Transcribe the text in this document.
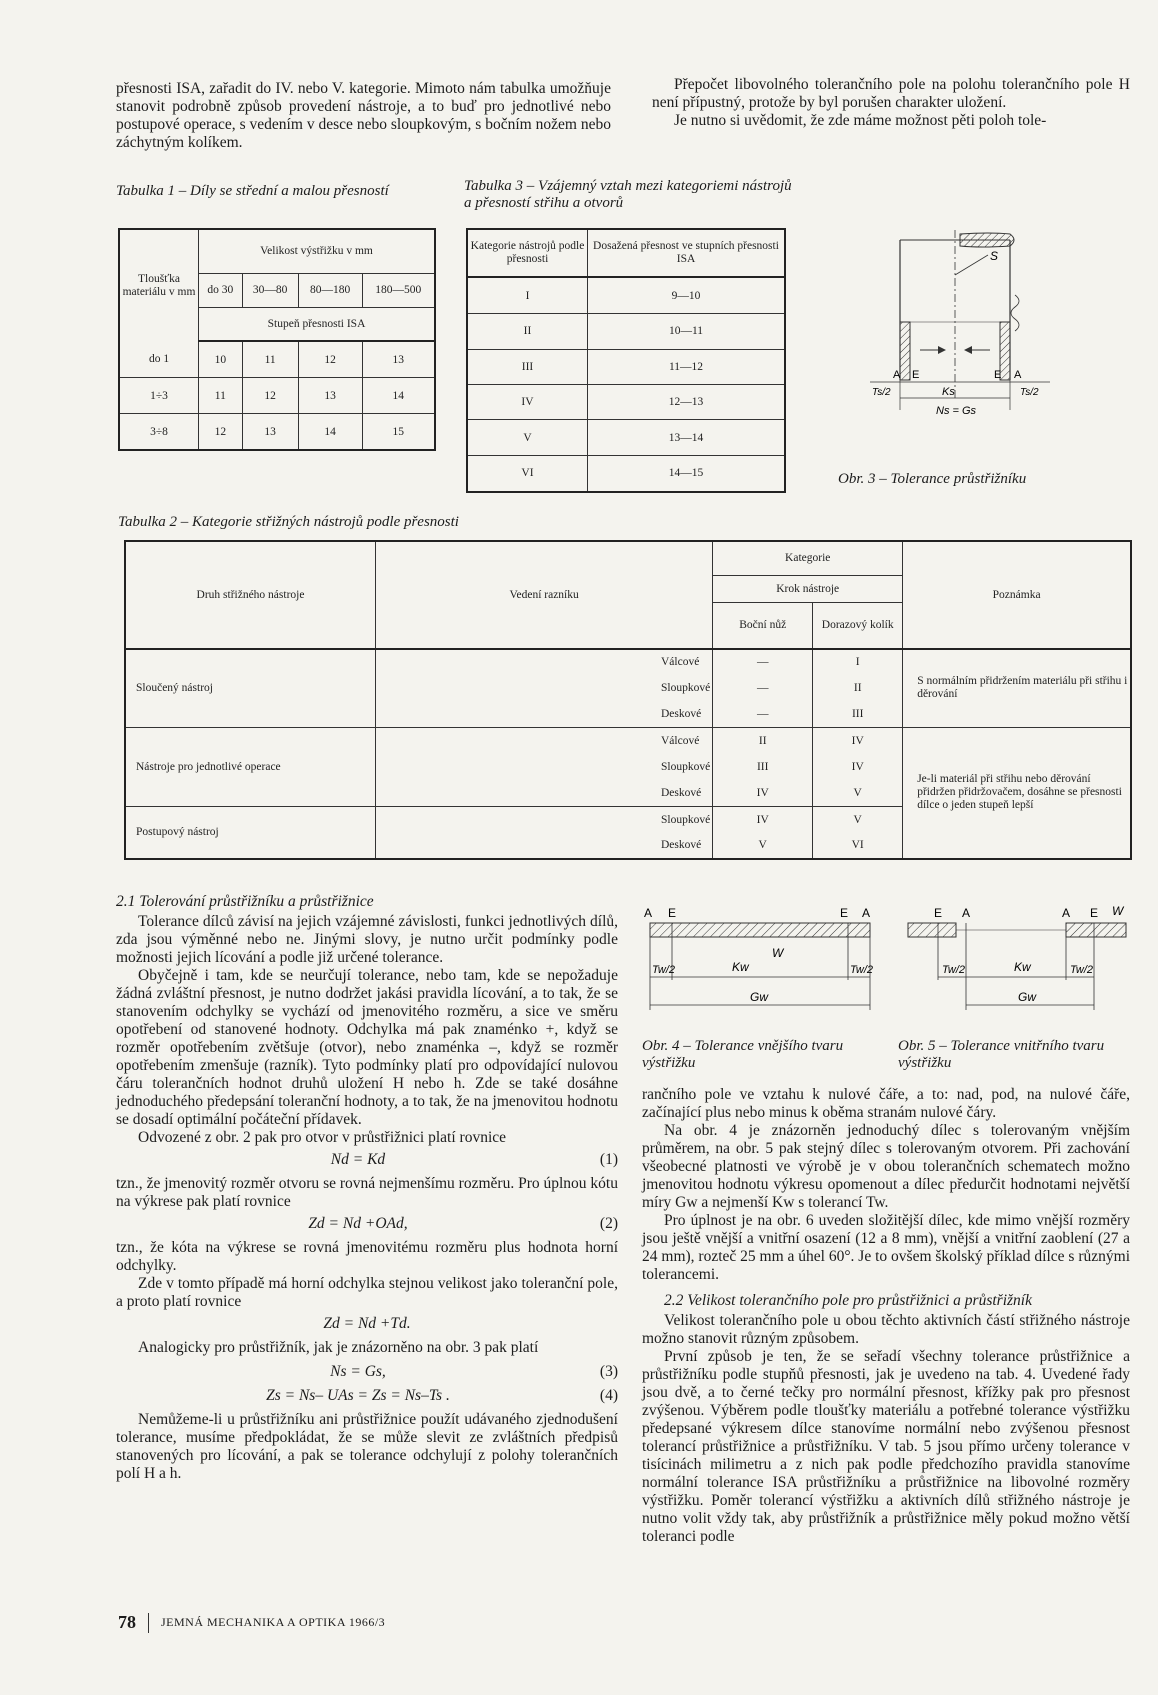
přesnosti ISA, zařadit do IV. nebo V. kategorie. Mimoto nám tabulka umožňuje stanovit podrobně způsob provedení nástroje, a to buď pro jednotlivé nebo postupové operace, s vedením v desce nebo sloupkovým, s bočním nožem nebo záchytným kolíkem.

Přepočet libovolného tolerančního pole na polohu tolerančního pole H není přípustný, protože by byl porušen charakter uložení.

Je nutno si uvědomit, že zde máme možnost pěti poloh tole-

Tabulka 1 – Díly se střední a malou přesností
Tloušťka materiálu v mm	Velikost výstřižku v mm			
	do 30	30—80	80—180	180—500
	Stupeň přesnosti ISA			
do 1	10	11	12	13
1÷3	11	12	13	14
3÷8	12	13	14	15
Tabulka 3 – Vzájemný vztah mezi kategoriemi nástrojů a přesností střihu a otvorů
Kategorie nástrojů podle přesnosti	Dosažená přesnost ve stupních přesnosti ISA
I	9—10
II	10—11
III	11—12
IV	12—13
V	13—14
VI	14—15
S
A E	E A
Ks
Ts/2	Ts/2
Ns = Gs
Obr. 3 – Tolerance průstřižníku
Tabulka 2 – Kategorie střižných nástrojů podle přesnosti
Druh střižného nástroje	Vedení razníku	Kategorie		Poznámka
		Krok nástroje		
		Boční nůž	Dorazový kolík	
Sloučený nástroj	Válcové	—	I	S normálním přidržením materiálu při střihu i děrování
	Sloupkové	—	II	
	Deskové	—	III	
Nástroje pro jednotlivé operace	Válcové	II	IV	Je-li materiál při střihu nebo děrování přidržen přidržovačem, dosáhne se přesnosti dílce o jeden stupeň lepší
	Sloupkové	III	IV	
	Deskové	IV	V	
Postupový nástroj	Sloupkové	IV	V	
	Deskové	V	VI	

2.1 Tolerování průstřižníku a průstřižnice

Tolerance dílců závisí na jejich vzájemné závislosti, funkci jednotlivých dílů, zda jsou výměnné nebo ne. Jinými slovy, je nutno určit podmínky podle možnosti jejich lícování a podle již určené tolerance.

Obyčejně i tam, kde se neurčují tolerance, nebo tam, kde se nepožaduje žádná zvláštní přesnost, je nutno dodržet jakási pravidla lícování, a to tak, že se stanovením odchylky se vychází od jmenovitého rozměru, a sice ve směru opotřebení od stanovené hodnoty. Odchylka má pak znaménko +, když se rozměr opotřebením zvětšuje (otvor), nebo znaménka –, když se rozměr opotřebením zmenšuje (razník). Tyto podmínky platí pro odpovídající nulovou čáru tolerančních hodnot druhů uložení H nebo h. Zde se také dosáhne jednoduchého předepsání toleranční hodnoty, a to tak, že na jmenovitou hodnotu se dosadí optimální počáteční přídavek.

Odvozené z obr. 2 pak pro otvor v průstřižnici platí rovnice

Nd = Kd	(1)

tzn., že jmenovitý rozměr otvoru se rovná nejmenšímu rozměru. Pro úplnou kótu na výkrese pak platí rovnice

Zd = Nd +OAd,	(2)

tzn., že kóta na výkrese se rovná jmenovitému rozměru plus hodnota horní odchylky.

Zde v tomto případě má horní odchylka stejnou velikost jako toleranční pole, a proto platí rovnice

Zd = Nd +Td.

Analogicky pro průstřižník, jak je znázorněno na obr. 3 pak platí

Ns = Gs,	(3)
Zs = Ns– UAs = Zs = Ns–Ts .	(4)

Nemůžeme-li u průstřižníku ani průstřižnice použít udávaného zjednodušení tolerance, musíme předpokládat, že se může slevit ze zvláštních předpisů stanovených pro lícování, a pak se tolerance odchylují z polohy tolerančních polí H a h.

A E	E A
Tw/2	Kw
W
Tw/2
Gw
E A	A E W
Tw/2	Kw	Tw/2
Gw
Obr. 4 – Tolerance vnějšího tvaru výstřižku
Obr. 5 – Tolerance vnitřního tvaru výstřižku

rančního pole ve vztahu k nulové čáře, a to: nad, pod, na nulové čáře, začínající plus nebo minus k oběma stranám nulové čáry.

Na obr. 4 je znázorněn jednoduchý dílec s tolerovaným vnějším průměrem, na obr. 5 pak stejný dílec s tolerovaným otvorem. Při zachování všeobecné platnosti ve výrobě je v obou tolerančních schematech možno jmenovitou hodnotu výkresu opomenout a dílec předurčit hodnotami největší míry Gw a nejmenší Kw s tolerancí Tw.

Pro úplnost je na obr. 6 uveden složitější dílec, kde mimo vnější rozměry jsou ještě vnější a vnitřní osazení (12 a 8 mm), vnější a vnitřní zaoblení (27 a 24 mm), rozteč 25 mm a úhel 60°. Je to ovšem školský příklad dílce s různými tolerancemi.

2.2 Velikost tolerančního pole pro průstřižnici a průstřižník

Velikost tolerančního pole u obou těchto aktivních částí střižného nástroje možno stanovit různým způsobem.

První způsob je ten, že se seřadí všechny tolerance průstřižnice a průstřižníku podle stupňů přesnosti, jak je uvedeno na tab. 4. Uvedené řady jsou dvě, a to černé tečky pro normální přesnost, křížky pak pro přesnost zvýšenou. Výběrem podle tloušťky materiálu a potřebné tolerance výstřižku předepsané výkresem dílce stanovíme normální nebo zvýšenou přesnost tolerancí průstřižnice a průstřižníku. V tab. 5 jsou přímo určeny tolerance v tisícinách milimetru a z nich pak podle předchozího pravidla stanovíme normální tolerance ISA průstřižníku a průstřižnice na libovolné rozměry výstřižku. Poměr tolerancí výstřižku a aktivních dílů střižného nástroje je nutno volit vždy tak, aby průstřižník a průstřižnice měly pokud možno větší toleranci podle

78 JEMNÁ MECHANIKA A OPTIKA 1966/3
